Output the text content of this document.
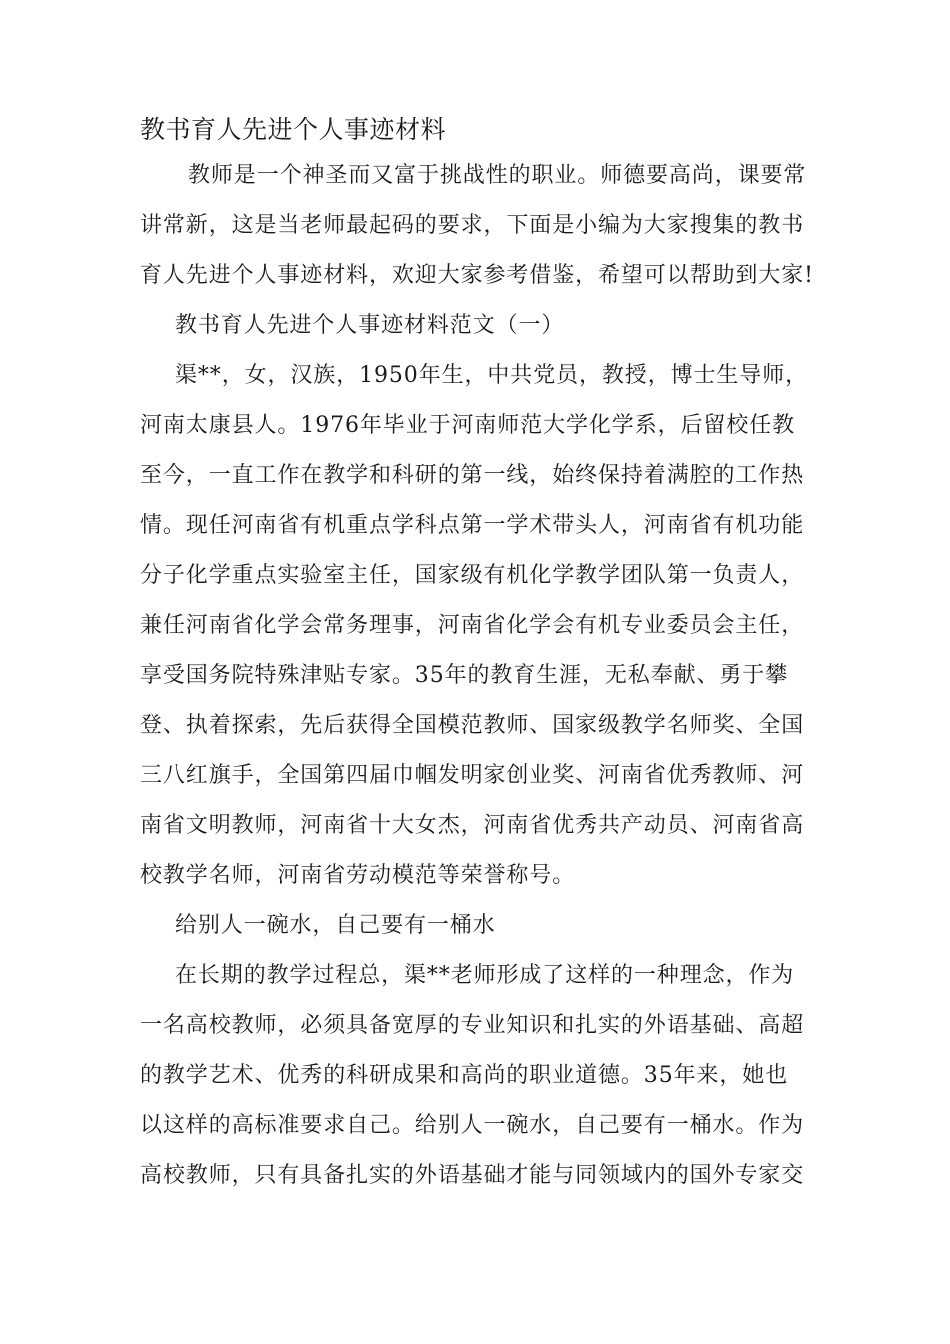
教书育人先进个人事迹材料
教师是一个神圣而又富于挑战性的职业。师德要高尚，课要常
讲常新，这是当老师最起码的要求，下面是小编为大家搜集的教书
育人先进个人事迹材料，欢迎大家参考借鉴，希望可以帮助到大家!
教书育人先进个人事迹材料范文（一）
渠**，女，汉族，1950年生，中共党员，教授，博士生导师，
河南太康县人。1976年毕业于河南师范大学化学系，后留校任教
至今，一直工作在教学和科研的第一线，始终保持着满腔的工作热
情。现任河南省有机重点学科点第一学术带头人，河南省有机功能
分子化学重点实验室主任，国家级有机化学教学团队第一负责人，
兼任河南省化学会常务理事，河南省化学会有机专业委员会主任，
享受国务院特殊津贴专家。35年的教育生涯，无私奉献、勇于攀
登、执着探索，先后获得全国模范教师、国家级教学名师奖、全国
三八红旗手，全国第四届巾帼发明家创业奖、河南省优秀教师、河
南省文明教师，河南省十大女杰，河南省优秀共产动员、河南省高
校教学名师，河南省劳动模范等荣誉称号。
给别人一碗水，自己要有一桶水
在长期的教学过程总，渠**老师形成了这样的一种理念，作为
一名高校教师，必须具备宽厚的专业知识和扎实的外语基础、高超
的教学艺术、优秀的科研成果和高尚的职业道德。35年来，她也
以这样的高标准要求自己。给别人一碗水，自己要有一桶水。作为
高校教师，只有具备扎实的外语基础才能与同领域内的国外专家交
